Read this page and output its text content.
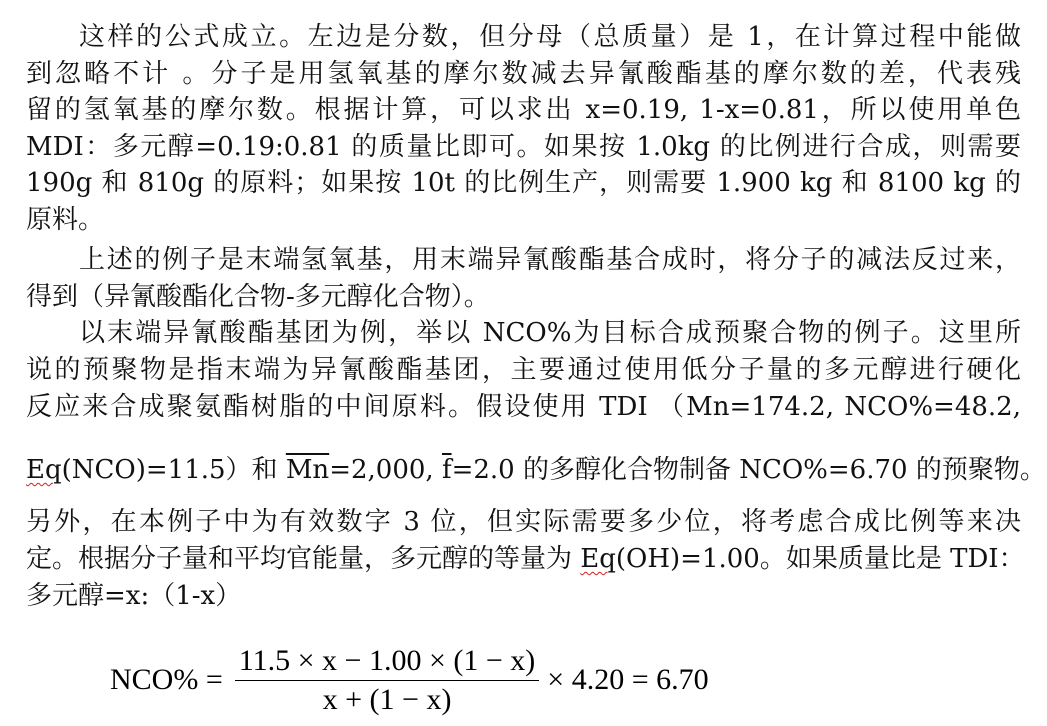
这样的公式成立。左边是分数，但分母（总质量）是 1，在计算过程中能做
到忽略不计 。分子是用氢氧基的摩尔数减去异氰酸酯基的摩尔数的差，代表残
留的氢氧基的摩尔数。根据计算，可以求出 x=0.19, 1-x=0.81，所以使用单色
MDI：多元醇=0.19:0.81 的质量比即可。如果按 1.0kg 的比例进行合成，则需要
190g 和 810g 的原料；如果按 10t 的比例生产，则需要 1.900 kg 和 8100 kg 的
原料。
上述的例子是末端氢氧基，用末端异氰酸酯基合成时，将分子的减法反过来，
得到（异氰酸酯化合物-多元醇化合物）。
以末端异氰酸酯基团为例，举以 NCO%为目标合成预聚合物的例子。这里所
说的预聚物是指末端为异氰酸酯基团，主要通过使用低分子量的多元醇进行硬化
反应来合成聚氨酯树脂的中间原料。假设使用 TDI （Mn=174.2, NCO%=48.2,
Eq(NCO)=11.5）和 $\overline{Mn}=2,000$, $\overline{f}=2.0$ 的多醇化合物制备 NCO%=6.70 的预聚物。
另外，在本例子中为有效数字 3 位，但实际需要多少位，将考虑合成比例等来决
定。根据分子量和平均官能量，多元醇的等量为 Eq(OH)=1.00。如果质量比是 TDI：
多元醇=x:（1-x）
$NCO\% = \frac{11.5 \times x - 1.00 \times (1 - x)}{x + (1 - x)} \times 4.20 = 6.70$
